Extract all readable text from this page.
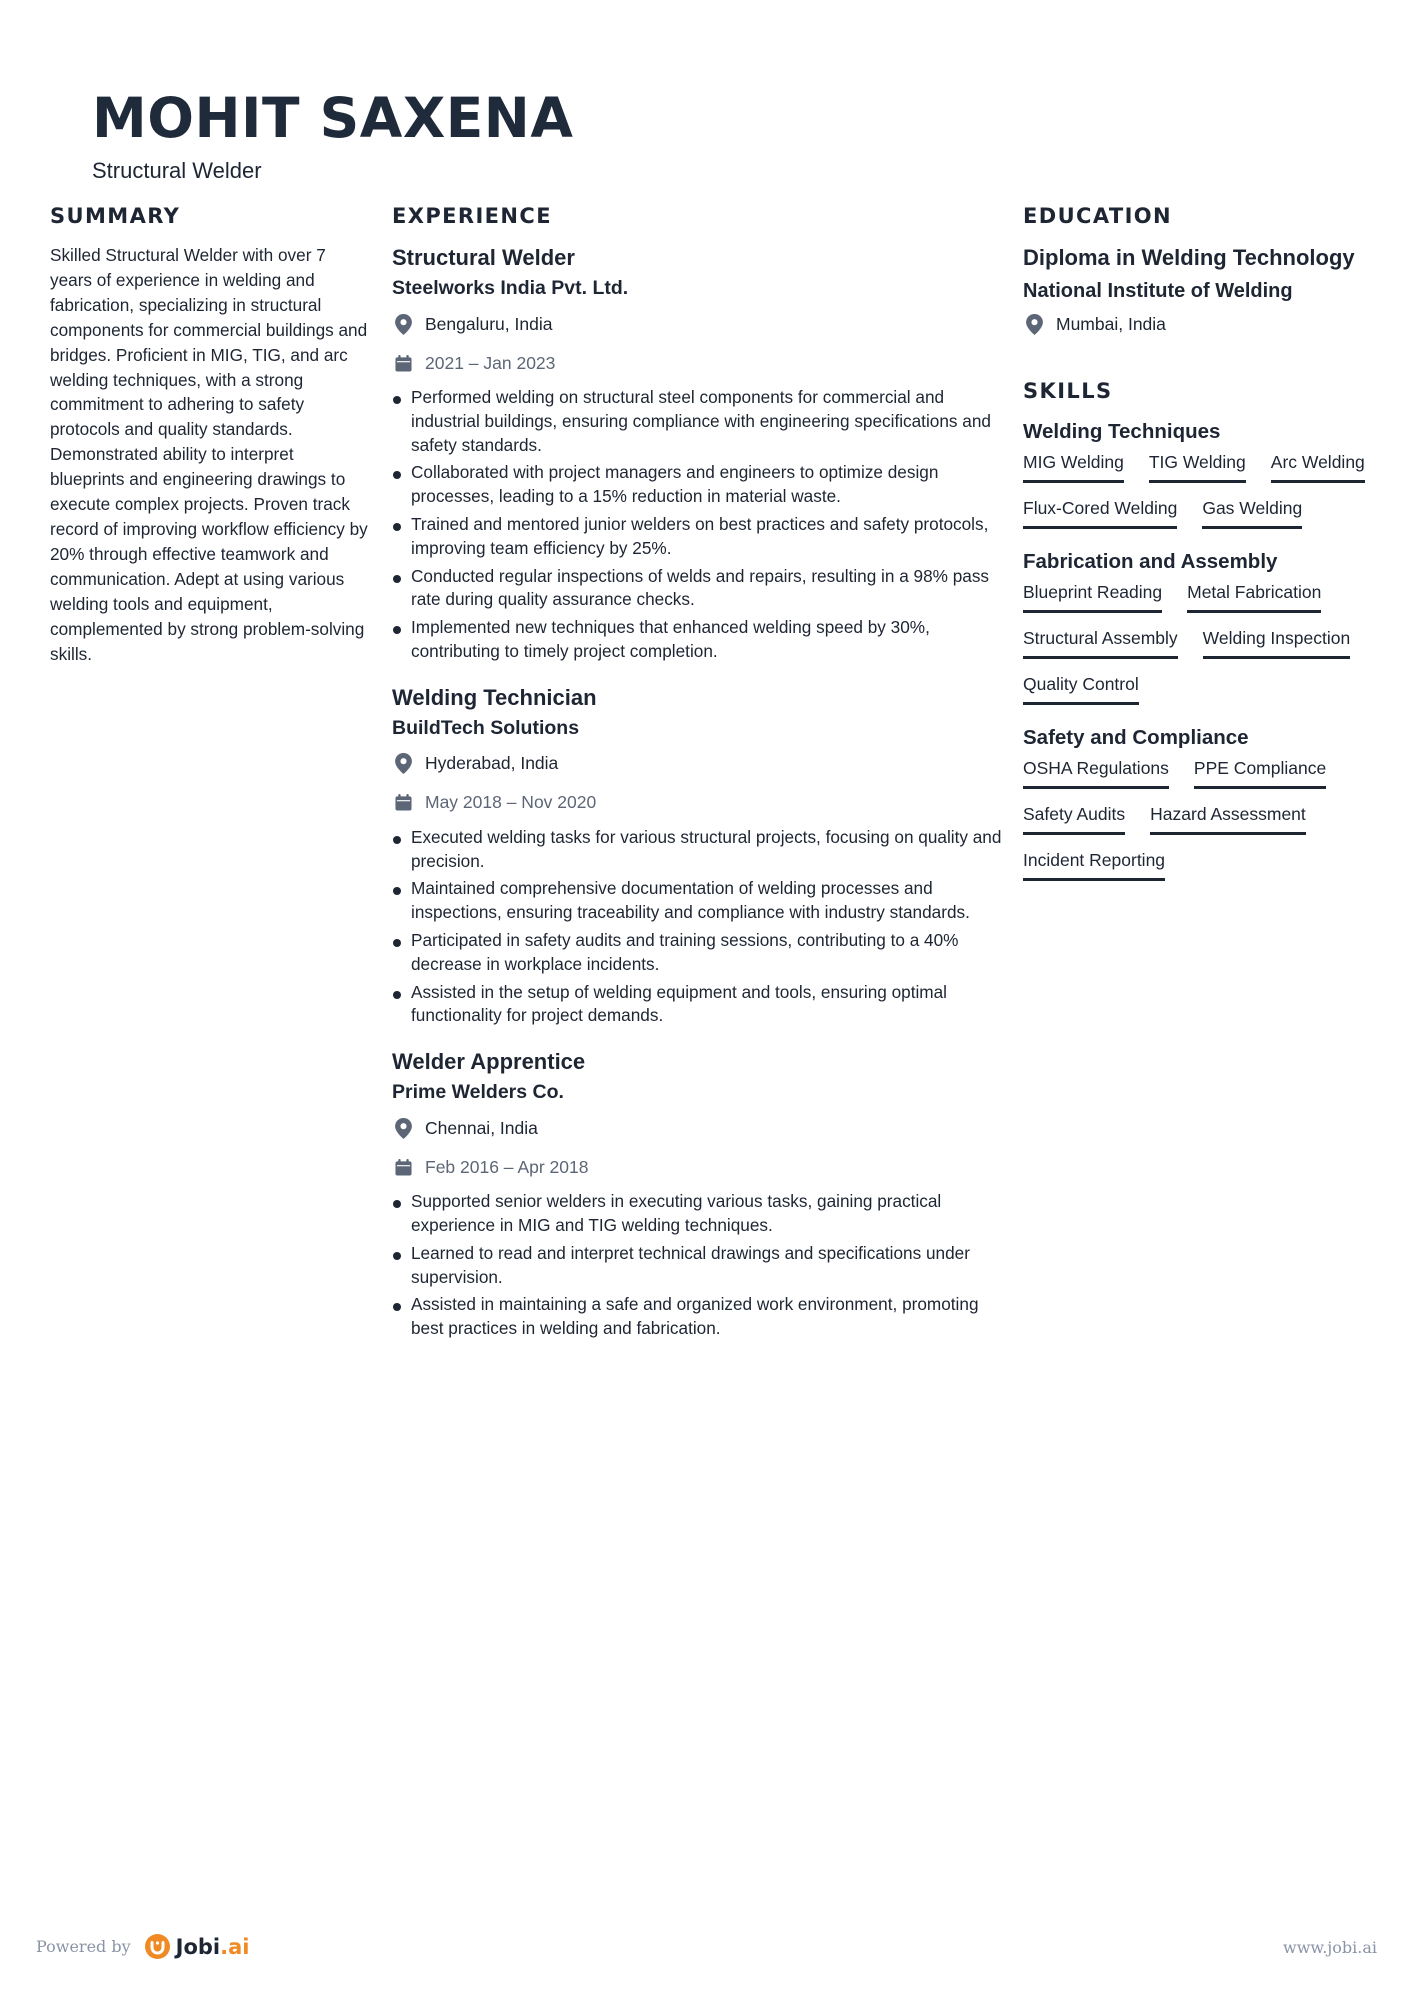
MOHIT SAXENA
Structural Welder
SUMMARY

Skilled Structural Welder with over 7 years of experience in welding and fabrication, specializing in structural components for commercial buildings and bridges. Proficient in MIG, TIG, and arc welding techniques, with a strong commitment to adhering to safety protocols and quality standards. Demonstrated ability to interpret blueprints and engineering drawings to execute complex projects. Proven track record of improving workflow efficiency by 20% through effective teamwork and communication. Adept at using various welding tools and equipment, complemented by strong problem-solving skills.

EXPERIENCE
Structural Welder
Steelworks India Pvt. Ltd.
Bengaluru, India
2021 – Jan 2023
Performed welding on structural steel components for commercial and industrial buildings, ensuring compliance with engineering specifications and safety standards.
Collaborated with project managers and engineers to optimize design processes, leading to a 15% reduction in material waste.
Trained and mentored junior welders on best practices and safety protocols, improving team efficiency by 25%.
Conducted regular inspections of welds and repairs, resulting in a 98% pass rate during quality assurance checks.
Implemented new techniques that enhanced welding speed by 30%, contributing to timely project completion.
Welding Technician
BuildTech Solutions
Hyderabad, India
May 2018 – Nov 2020
Executed welding tasks for various structural projects, focusing on quality and precision.
Maintained comprehensive documentation of welding processes and inspections, ensuring traceability and compliance with industry standards.
Participated in safety audits and training sessions, contributing to a 40% decrease in workplace incidents.
Assisted in the setup of welding equipment and tools, ensuring optimal functionality for project demands.
Welder Apprentice
Prime Welders Co.
Chennai, India
Feb 2016 – Apr 2018
Supported senior welders in executing various tasks, gaining practical experience in MIG and TIG welding techniques.
Learned to read and interpret technical drawings and specifications under supervision.
Assisted in maintaining a safe and organized work environment, promoting best practices in welding and fabrication.
EDUCATION
Diploma in Welding Technology
National Institute of Welding
Mumbai, India
SKILLS
Welding Techniques
MIG Welding TIG Welding Arc Welding
Flux-Cored Welding Gas Welding
Fabrication and Assembly
Blueprint Reading Metal Fabrication
Structural Assembly Welding Inspection
Quality Control
Safety and Compliance
OSHA Regulations PPE Compliance
Safety Audits Hazard Assessment
Incident Reporting
Powered by Jobi.ai	www.jobi.ai
